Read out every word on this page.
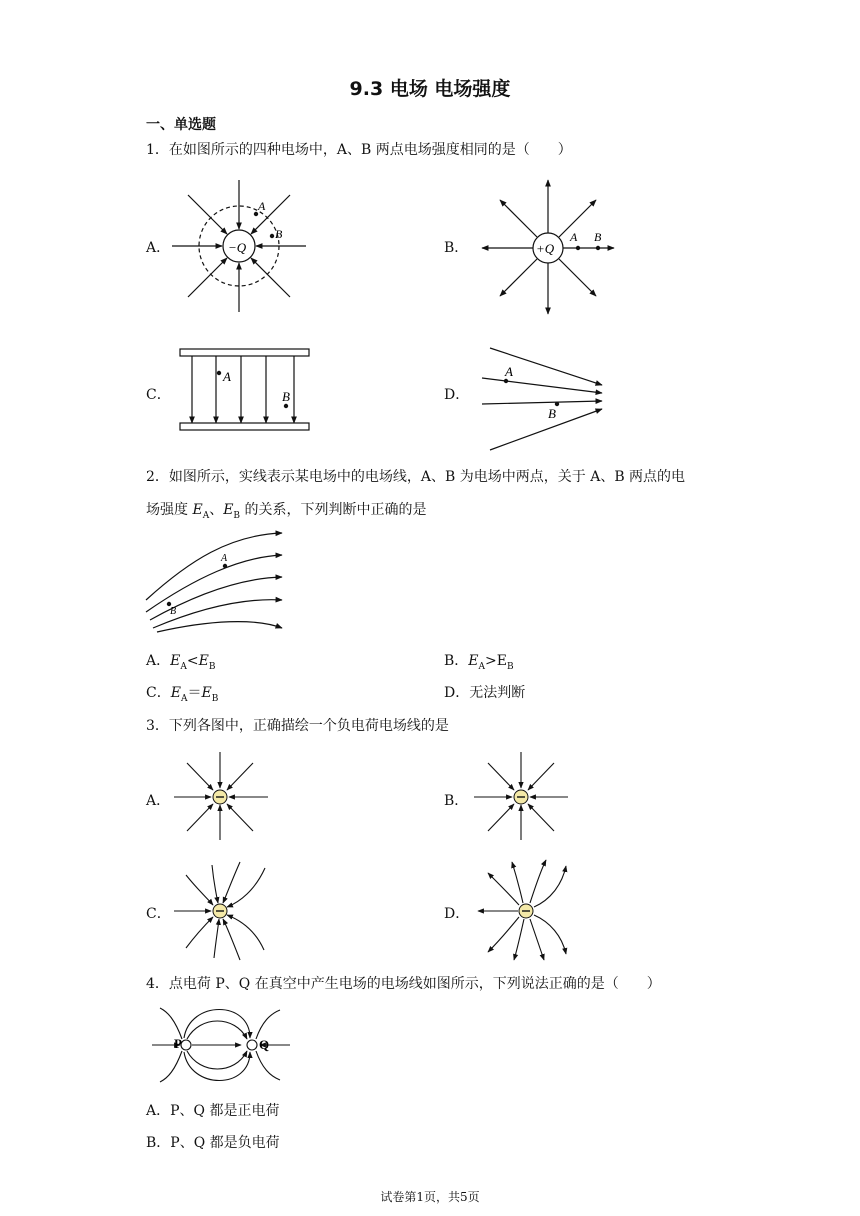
9.3 电场 电场强度
一、单选题
1．在如图所示的四种电场中，A、B 两点电场强度相同的是（　　）
A．	B．
C．	D．
−Q
A
B
+Q
A B
A
B
A
B
A
B
P	Q
2．如图所示，实线表示某电场中的电场线，A、B 为电场中两点，关于 A、B 两点的电
场强度 $E_A$、$E_B$ 的关系，下列判断中正确的是
A．$E_A<E_B$	B．$E_A>E_B$
C．$E_A=E_B$	D．无法判断
3．下列各图中，正确描绘一个负电荷电场线的是
A．	B．
C．	D．
4．点电荷 P、Q 在真空中产生电场的电场线如图所示，下列说法正确的是（　　）
A．P、Q 都是正电荷
B．P、Q 都是负电荷
试卷第1页，共5页
